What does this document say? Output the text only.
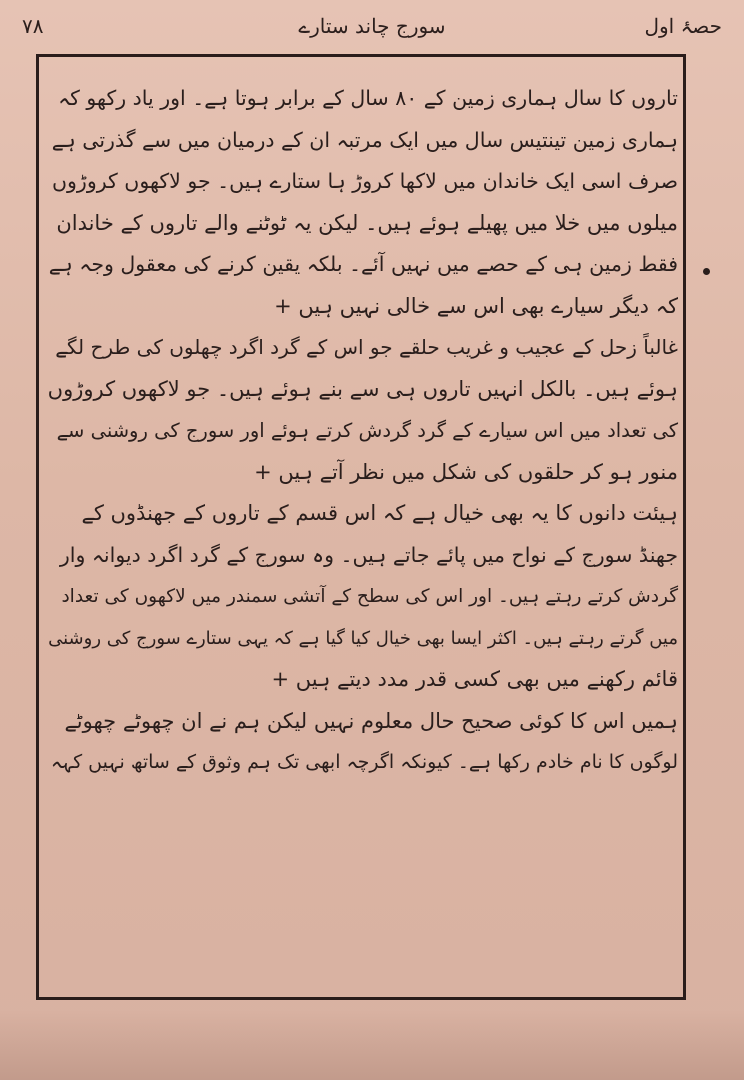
حصۂ اول
سورج چاند ستارے
۷۸
تاروں کا سال ہماری زمین کے ۸۰ سال کے برابر ہوتا ہے۔ اور یاد رکھو کہ
ہماری زمین تینتیس سال میں ایک مرتبہ ان کے درمیان میں سے گذرتی ہے
صرف اسی ایک خاندان میں لاکھا کروڑ ہا ستارے ہیں۔ جو لاکھوں کروڑوں
میلوں میں خلا میں پھیلے ہوئے ہیں۔ لیکن یہ ٹوٹنے والے تاروں کے خاندان
فقط زمین ہی کے حصے میں نہیں آئے۔ بلکہ یقین کرنے کی معقول وجہ ہے
کہ دیگر سیارے بھی اس سے خالی نہیں ہیں +
غالباً زحل کے عجیب و غریب حلقے جو اس کے گرد اگرد چھلوں کی طرح لگے
ہوئے ہیں۔ بالکل انہیں تاروں ہی سے بنے ہوئے ہیں۔ جو لاکھوں کروڑوں
کی تعداد میں اس سیارے کے گرد گردش کرتے ہوئے اور سورج کی روشنی سے
منور ہو کر حلقوں کی شکل میں نظر آتے ہیں +
ہیئت دانوں کا یہ بھی خیال ہے کہ اس قسم کے تاروں کے جھنڈوں کے
جھنڈ سورج کے نواح میں پائے جاتے ہیں۔ وہ سورج کے گرد اگرد دیوانہ وار
گردش کرتے رہتے ہیں۔ اور اس کی سطح کے آتشی سمندر میں لاکھوں کی تعداد
میں گرتے رہتے ہیں۔ اکثر ایسا بھی خیال کیا گیا ہے کہ یہی ستارے سورج کی روشنی
قائم رکھنے میں بھی کسی قدر مدد دیتے ہیں +
ہمیں اس کا کوئی صحیح حال معلوم نہیں لیکن ہم نے ان چھوٹے چھوٹے
لوگوں کا نام خادم رکھا ہے۔ کیونکہ اگرچہ ابھی تک ہم وثوق کے ساتھ نہیں کہہ
